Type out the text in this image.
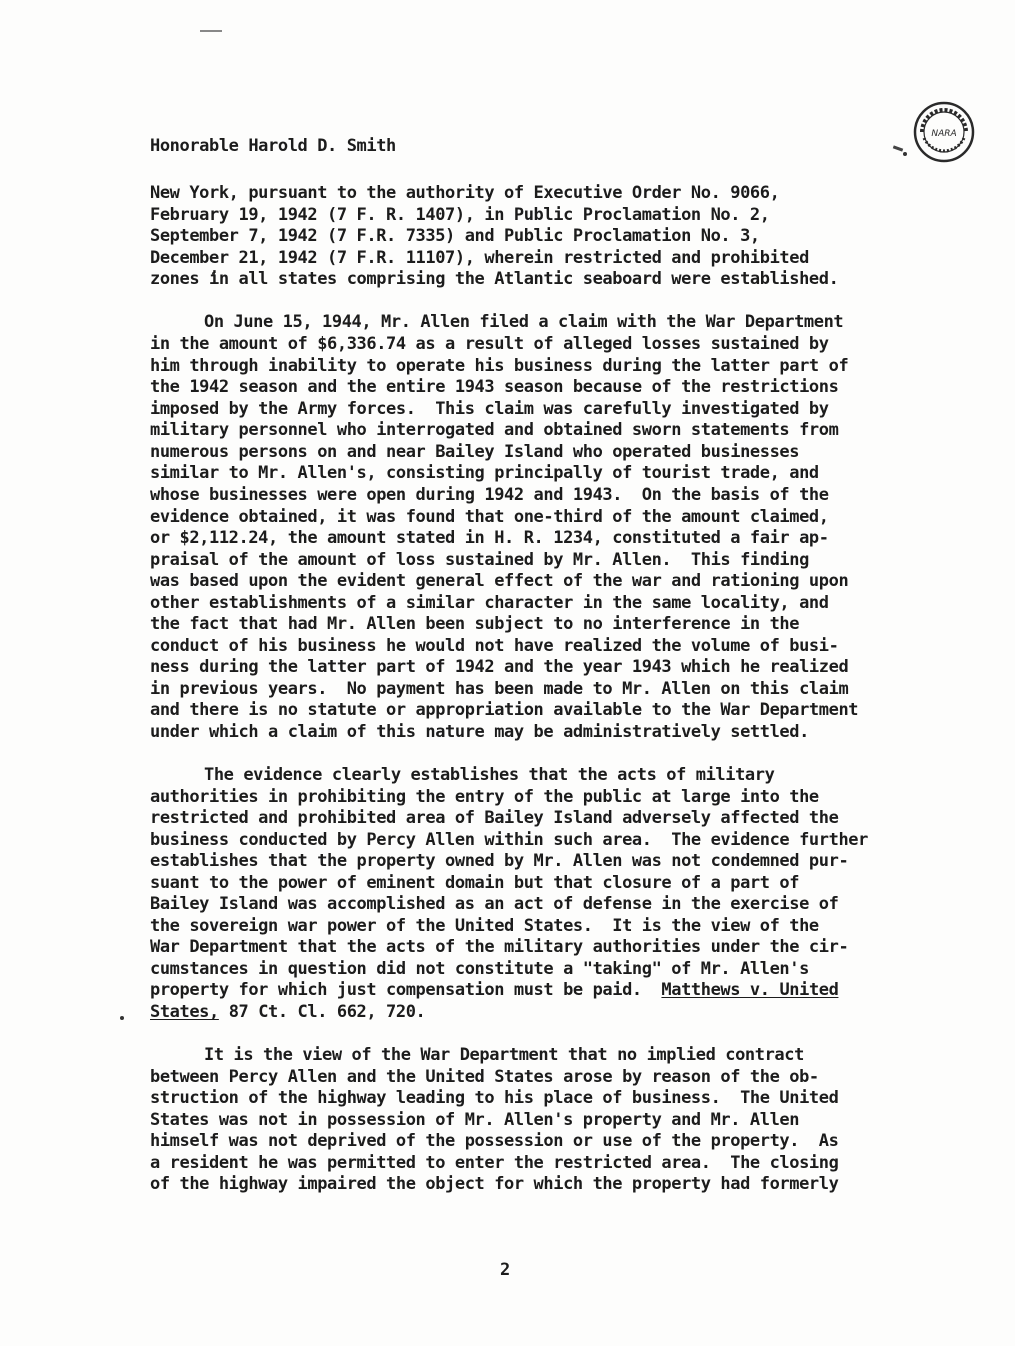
NARA
Honorable Harold D. Smith
New York, pursuant to the authority of Executive Order No. 9066,
February 19, 1942 (7 F. R. 1407), in Public Proclamation No. 2,
September 7, 1942 (7 F.R. 7335) and Public Proclamation No. 3,
December 21, 1942 (7 F.R. 11107), wherein restricted and prohibited
zones in all states comprising the Atlantic seaboard were established.
On June 15, 1944, Mr. Allen filed a claim with the War Department
in the amount of $6,336.74 as a result of alleged losses sustained by
him through inability to operate his business during the latter part of
the 1942 season and the entire 1943 season because of the restrictions
imposed by the Army forces.  This claim was carefully investigated by
military personnel who interrogated and obtained sworn statements from
numerous persons on and near Bailey Island who operated businesses
similar to Mr. Allen's, consisting principally of tourist trade, and
whose businesses were open during 1942 and 1943.  On the basis of the
evidence obtained, it was found that one-third of the amount claimed,
or $2,112.24, the amount stated in H. R. 1234, constituted a fair ap-
praisal of the amount of loss sustained by Mr. Allen.  This finding
was based upon the evident general effect of the war and rationing upon
other establishments of a similar character in the same locality, and
the fact that had Mr. Allen been subject to no interference in the
conduct of his business he would not have realized the volume of busi-
ness during the latter part of 1942 and the year 1943 which he realized
in previous years.  No payment has been made to Mr. Allen on this claim
and there is no statute or appropriation available to the War Department
under which a claim of this nature may be administratively settled.
The evidence clearly establishes that the acts of military
authorities in prohibiting the entry of the public at large into the
restricted and prohibited area of Bailey Island adversely affected the
business conducted by Percy Allen within such area.  The evidence further
establishes that the property owned by Mr. Allen was not condemned pur-
suant to the power of eminent domain but that closure of a part of
Bailey Island was accomplished as an act of defense in the exercise of
the sovereign war power of the United States.  It is the view of the
War Department that the acts of the military authorities under the cir-
cumstances in question did not constitute a "taking" of Mr. Allen's
property for which just compensation must be paid.  Matthews v. United
States, 87 Ct. Cl. 662, 720.
It is the view of the War Department that no implied contract
between Percy Allen and the United States arose by reason of the ob-
struction of the highway leading to his place of business.  The United
States was not in possession of Mr. Allen's property and Mr. Allen
himself was not deprived of the possession or use of the property.  As
a resident he was permitted to enter the restricted area.  The closing
of the highway impaired the object for which the property had formerly
2
